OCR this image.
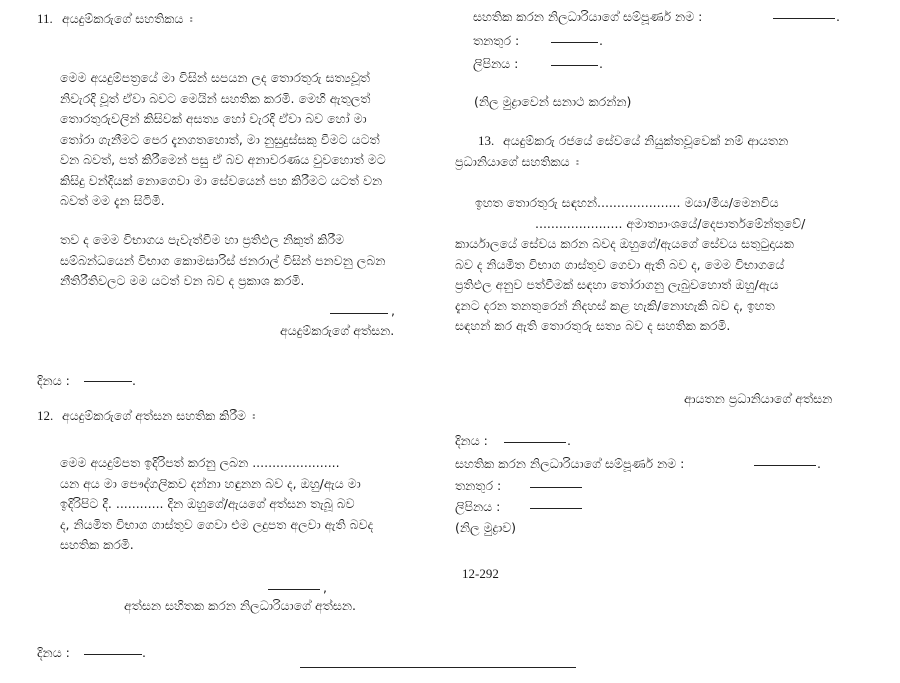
11. අයදුම්කරුගේ සහතිකය ඃ
මෙම අයදුම්පත්‍රයේ මා විසින් සපයන ලද තොරතුරු සත්‍යවූත්
නිවැරදි වූත් ඒවා බවට මෙයින් සහතික කරමි. මෙහි ඇතුලත්
තොරතුරුවලින් කිසිවක් අසත්‍ය හෝ වැරදි ඒවා බව හෝ මා
තෝරා ගැනීමට පෙර දැනගතහොත්, මා නුසුදුස්සකු වීමට යටත්
වන බවත්, පත් කිරීමෙන් පසු ඒ බව අනාවරණය වුවහොත් මට
කිසිදු වන්දියක් නොගෙවා මා සේවයෙන් පහ කිරීමට යටත් වන
බවත් මම දැන සිටිමි.
තව ද මෙම විභාගය පැවැත්වීම හා ප්‍රතිඵල නිකුත් කිරීම
සම්බන්ධයෙන් විභාග කොමසාරිස් ජනරාල් විසින් පනවනු ලබන
නීතිරීතිවලට මම යටත් වන බව ද ප්‍රකාශ කරමි.
,
අයදුම්කරුගේ අත්සන.
දිනය :	.
12. අයදුම්කරුගේ අත්සන සහතික කිරීම ඃ
මෙම අයදුම්පත ඉදිරිපත් කරනු ලබන ......................
යන අය මා පෞද්ගලිකව දන්නා හඳුනන බව ද, ඔහු/ඇය මා
ඉදිරිපිට දී. ............ දින ඔහුගේ/ඇයගේ අත්සන තැබූ බව
ද, නියමිත විභාග ගාස්තුව ගෙවා එම ලදුපත අලවා ඇති බවද
සහතික කරමි.
,
අත්සන සහිතක කරන නිලධාරියාගේ අත්සන.
දිනය :	.
සහතික කරන නිලධාරියාගේ සම්පූර්ණ නම :	.
තනතුර :	.
ලිපිනය :	.
(නිල මුද්‍රාවෙන් සනාථ කරන්න)
13. අයදුම්කරු රජයේ සේවයේ නියුක්තවූවෙක් නම් ආයතන
ප්‍රධානියාගේ සහතිකය ඃ
ඉහත තොරතුරු සඳහන්..................... මයා/මිය/මෙනවිය
...................... අමාත්‍යාංශයේ/දෙපාර්තමේන්තුවේ/
කාර්යාලයේ සේවය කරන බවද ඔහුගේ/ඇයගේ සේවය සතුටුදායක
බව ද නියමිත විභාග ගාස්තුව ගෙවා ඇති බව ද, මෙම විභාගයේ
ප්‍රතිඵල අනුව පත්වීමක් සඳහා තෝරාගනු ලැබුවහොත් ඔහු/ඇය
දැනට දරන තනතුරෙන් නිදහස් කළ හැකි/නොහැකි බව ද, ඉහත
සඳහන් කර ඇති තොරතුරු සත්‍ය බව ද සහතික කරමි.
ආයතන ප්‍රධානියාගේ අත්සන
දිනය :	.
සහතික කරන නිලධාරියාගේ සම්පූර්ණ නම :	.
තනතුර :
ලිපිනය :
(නිල මුද්‍රාව)
12-292
